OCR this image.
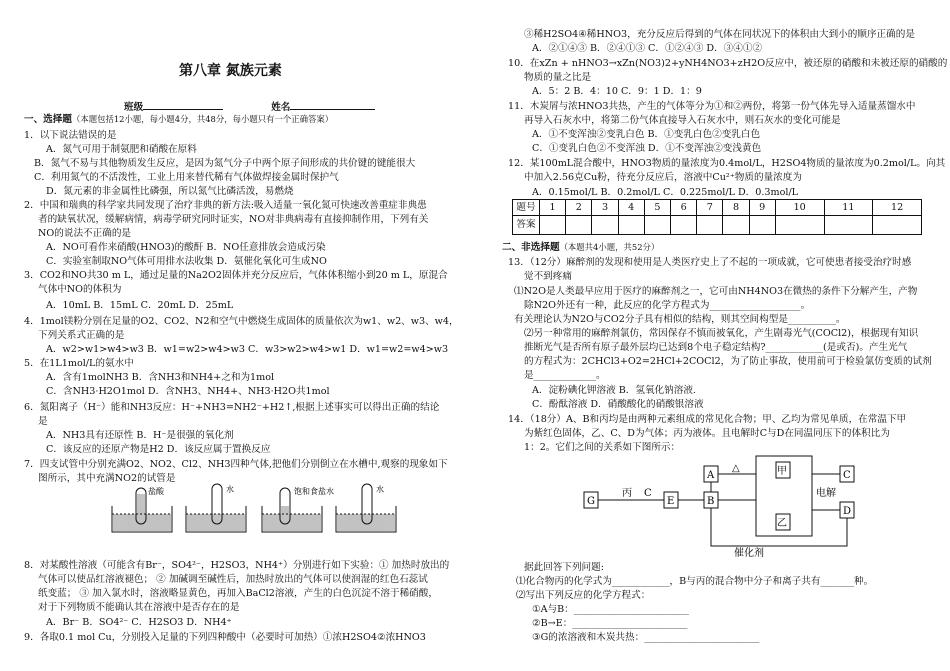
第八章 氮族元素
班级	姓名
一、选择题（本题包括12小题，每小题4分，共48分，每小题只有一个正确答案）
1．以下说法错误的是
A．氮气可用于制氨肥和硝酸在原料
B．氮气不易与其他物质发生反应，是因为氮气分子中两个原子间形成的共价键的键能很大
C．利用氮气的不活泼性，工业上用来替代稀有气体做焊接金属时保护气
D．氮元素的非金属性比磷强，所以氮气比磷活泼，易燃烧
2．中国和瑞典的科学家共同发现了治疗非典的新方法:吸入适量一氧化氮可快速改善重症非典患
者的缺氧状况，缓解病情，病毒学研究同时证实，NO对非典病毒有直接抑制作用，下列有关
NO的说法不正确的是
A．NO可看作来硝酸(HNO3)的酸酐 B．NO任意排放会造成污染
C．实验室制取NO气体可用排水法收集 D．氨催化氧化可生成NO
3．CO2和NO共30 m L，通过足量的Na2O2固体并充分反应后，气体体积缩小到20 m L，原混合
气体中NO的体积为
A．10mL B．15mL C．20mL D．25mL
4．1mol镁粉分别在足量的O2、CO2、N2和空气中燃烧生成固体的质量依次为w1、w2、w3、w4，
下列关系式正确的是
A．w2>w1>w4>w3 B．w1=w2>w4>w3 C．w3>w2>w4>w1 D．w1=w2=w4>w3
5．在1L1mol/L的氨水中
A．含有1molNH3 B．含NH3和NH4+之和为1mol
C．含NH3·H2O1mol D．含NH3、NH4+、NH3·H2O共1mol
6．氮阳离子（H⁻）能和NH3反应：H⁻+NH3=NH2⁻+H2↑,根据上述事实可以得出正确的结论
是
A．NH3具有还原性 B．H⁻是很强的氧化剂
C．该反应的还原产物是H2 D．该反应属于置换反应
7．四支试管中分别充满O2、NO2、Cl2、NH3四种气体,把他们分别倒立在水槽中,观察的现象如下
图所示，其中充满NO2的试管是
盐酸	水	饱和食盐水	水
8．对某酸性溶液（可能含有Br⁻，SO4²⁻，H2SO3，NH4⁺）分别进行如下实验：① 加热时放出的
气体可以使品红溶液褪色； ② 加碱调至碱性后，加热时放出的气体可以使润湿的红色石蕊试
纸变蓝； ③ 加入氯水时，溶液略显黄色，再加入BaCl2溶液，产生的白色沉淀不溶于稀硝酸，
对于下列物质不能确认其在溶液中是否存在的是
A．Br⁻ B．SO4²⁻ C．H2SO3 D．NH4⁺
9．各取0.1 mol Cu，分别投入足量的下列四种酸中（必要时可加热）①浓H2SO4②浓HNO3
③稀H2SO4④稀HNO3，充分反应后得到的气体在同状况下的体积由大到小的顺序正确的是
A．②①④③ B．②④①③ C．①②④③ D．③④①②
10．在xZn + nHNO3→xZn(NO3)2+yNH4NO3+zH2O反应中，被还原的硝酸和未被还原的硝酸的
物质的量之比是
A．5：2 B．4：10 C．9：1 D．1：9
11．木炭屑与浓HNO3共热，产生的气体等分为①和②两份，将第一份气体先导入适量蒸馏水中
再导入石灰水中，将第二份气体直接导入石灰水中，则石灰水的变化可能是
A．①不变浑浊②变乳白色 B．①变乳白色②变乳白色
C．①变乳白色②不变浑浊 D．①不变浑浊②变浅黄色
12．某100mL混合酸中，HNO3物质的量浓度为0.4mol/L，H2SO4物质的量浓度为0.2mol/L。向其
中加入2.56克Cu粉，待充分反应后，溶液中Cu²⁺物质的量浓度为
A．0.15mol/L B．0.2mol/L C．0.225mol/L D．0.3mol/L
题号	1	2	3	4	5	6	7	8	9	10	11	12
答案												
二、非选择题（本题共4小题，共52分）
13．（12分）麻醉剂的发现和使用是人类医疗史上了不起的一项成就，它可使患者接受治疗时感
觉不到疼痛
⑴N2O是人类最早应用于医疗的麻醉剂之一，它可由NH4NO3在微热的条件下分解产生，产物
除N2O外还有一种，此反应的化学方程式为___________________。
有关理论认为N2O与CO2分子具有相似的结构，则其空间构型是__________。
⑵另一种常用的麻醉剂氯仿，常因保存不慎而被氧化，产生剧毒光气(COCl2)，根据现有知识
推断光气是否所有原子最外层均已达到8个电子稳定结构?____________(是或否)。产生光气
的方程式为：2CHCl3+O2=2HCl+2COCl2，为了防止事故，使用前可于检验氯仿变质的试剂
是_____________。
A．淀粉碘化钾溶液 B．氢氧化钠溶液.
C．酚酞溶液 D．硝酸酸化的硝酸银溶液
14．（18分）A、B和丙均是由两种元素组成的常见化合物；甲、乙均为常见单质，在常温下甲
为紫红色固体，乙、C、D为气体；丙为液体。且电解时C与D在同温同压下的体积比为
1：2。它们之间的关系如下图所示：
G
丙 C
E
A
B
△	甲
乙
C
D
电解
催化剂
据此回答下列问题:
⑴化合物丙的化学式为____________，B与丙的混合物中分子和离子共有_______种。
⑵写出下列反应的化学方程式：
①A与B：________________________
②B→E：________________________
③G的浓溶液和木炭共热：________________________
